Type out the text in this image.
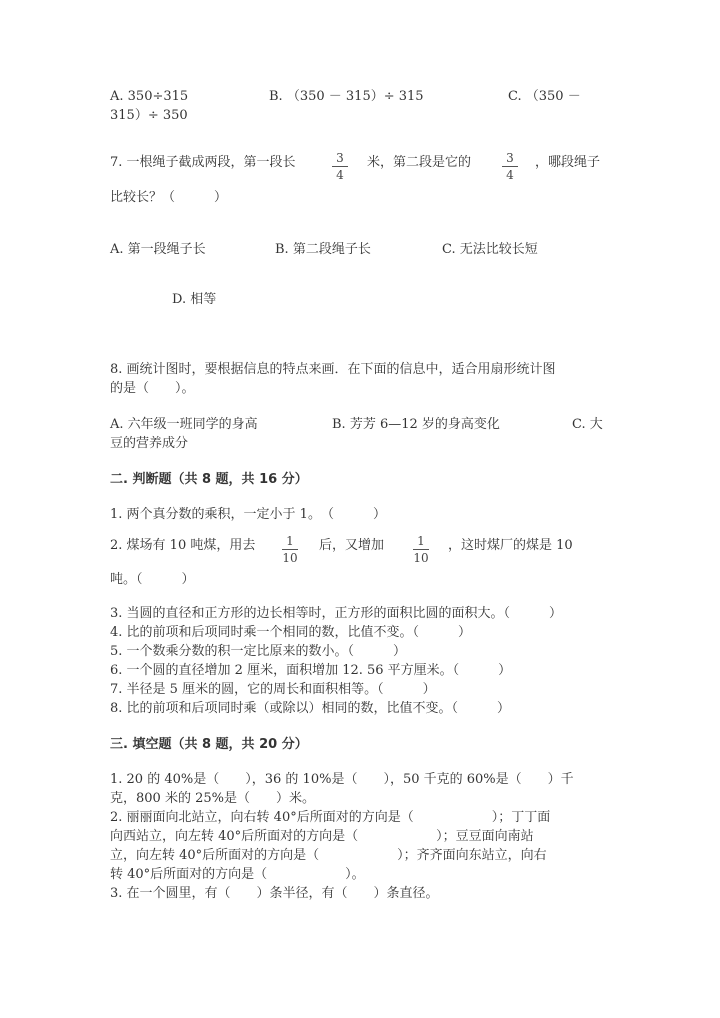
A. 350÷315	B. （350 － 315）÷ 315	C. （350 －
315）÷ 350
7. 一根绳子截成两段，第一段长	3
4
米，第二段是它的	3
4
，哪段绳子
比较长？（　　　）
A. 第一段绳子长	B. 第二段绳子长	C. 无法比较长短
D. 相等
8. 画统计图时，要根据信息的特点来画．在下面的信息中，适合用扇形统计图
的是（　　）。
A. 六年级一班同学的身高	B. 芳芳 6—12 岁的身高变化	C. 大
豆的营养成分
二. 判断题（共 8 题，共 16 分）
1. 两个真分数的乘积，一定小于 1。　（　　　）
2. 煤场有 10 吨煤，用去	1
10
后，又增加	1
10
，这时煤厂的煤是 10
吨。（　　　）
3. 当圆的直径和正方形的边长相等时，正方形的面积比圆的面积大。（　　　）
4. 比的前项和后项同时乘一个相同的数，比值不变。（　　　）
5. 一个数乘分数的积一定比原来的数小。（　　　）
6. 一个圆的直径增加 2 厘米，面积增加 12. 56 平方厘米。（　　　）
7. 半径是 5 厘米的圆，它的周长和面积相等。（　　　）
8. 比的前项和后项同时乘（或除以）相同的数，比值不变。（　　　）
三. 填空题（共 8 题，共 20 分）
1. 20 的 40%是（　　），36 的 10%是（　　），50 千克的 60%是（　　）千
克，800 米的 25%是（　　）米。
2. 丽丽面向北站立，向右转 40°后所面对的方向是（　　　　　　）；丁丁面
向西站立，向左转 40°后所面对的方向是（　　　　　　）；豆豆面向南站
立，向左转 40°后所面对的方向是（　　　　　　）；齐齐面向东站立，向右
转 40°后所面对的方向是（　　　　　　）。
3. 在一个圆里，有（　　）条半径，有（　　）条直径。
